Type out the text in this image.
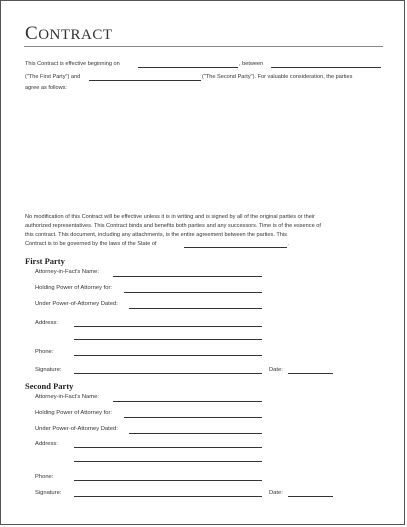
CONTRACT
This Contract is effective beginning on	, between
("The First Party") and	("The Second Party"). For valuable consideration, the parties
agree as follows:
No modification of this Contract will be effective unless it is in writing and is signed by all of the original parties or their
authorized representatives. This Contract binds and benefits both parties and any successors. Time is of the essence of
this contract. This document, including any attachments, is the entire agreement between the parties. This
Contract is to be governed by the laws of the State of	.
First Party
Attorney-in-Fact's Name:
Holding Power of Attorney for:
Under Power-of-Attorney Dated:
Address:
Phone:
Signature:	Date:
Second Party
Attorney-in-Fact's Name:
Holding Power of Attorney for:
Under Power-of-Attorney Dated:
Address:
Phone:
Signature:	Date:
